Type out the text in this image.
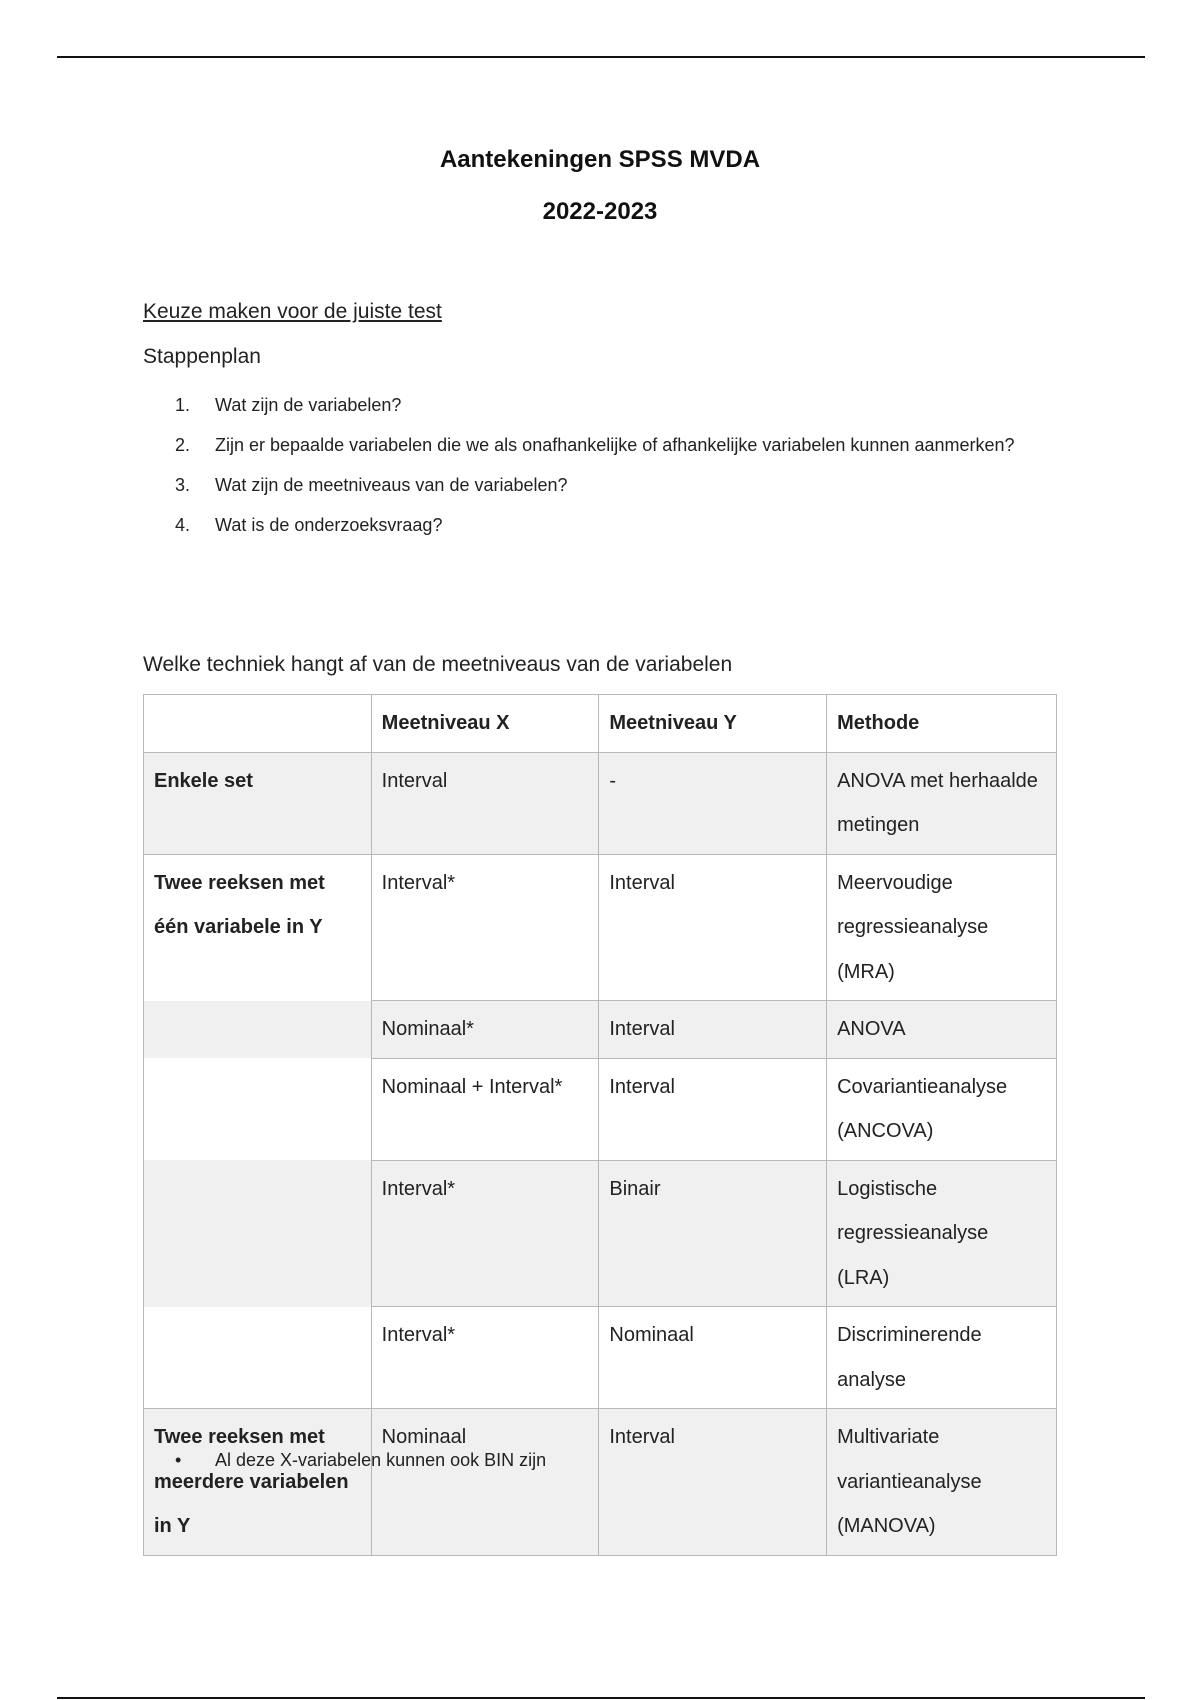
Aantekeningen SPSS MVDA
2022-2023
Keuze maken voor de juiste test
Stappenplan
1. Wat zijn de variabelen?
2. Zijn er bepaalde variabelen die we als onafhankelijke of afhankelijke variabelen kunnen aanmerken?
3. Wat zijn de meetniveaus van de variabelen?
4. Wat is de onderzoeksvraag?
Welke techniek hangt af van de meetniveaus van de variabelen
	Meetniveau X	Meetniveau Y	Methode
Enkele set	Interval	-	ANOVA met herhaalde metingen
Twee reeksen met één variabele in Y	Interval*	Interval	Meervoudige regressieanalyse (MRA)
	Nominaal*	Interval	ANOVA
	Nominaal + Interval*	Interval	Covariantieanalyse (ANCOVA)
	Interval*	Binair	Logistische regressieanalyse (LRA)
	Interval*	Nominaal	Discriminerende analyse
Twee reeksen met meerdere variabelen in Y	Nominaal	Interval	Multivariate variantieanalyse (MANOVA)
• Al deze X-variabelen kunnen ook BIN zijn
